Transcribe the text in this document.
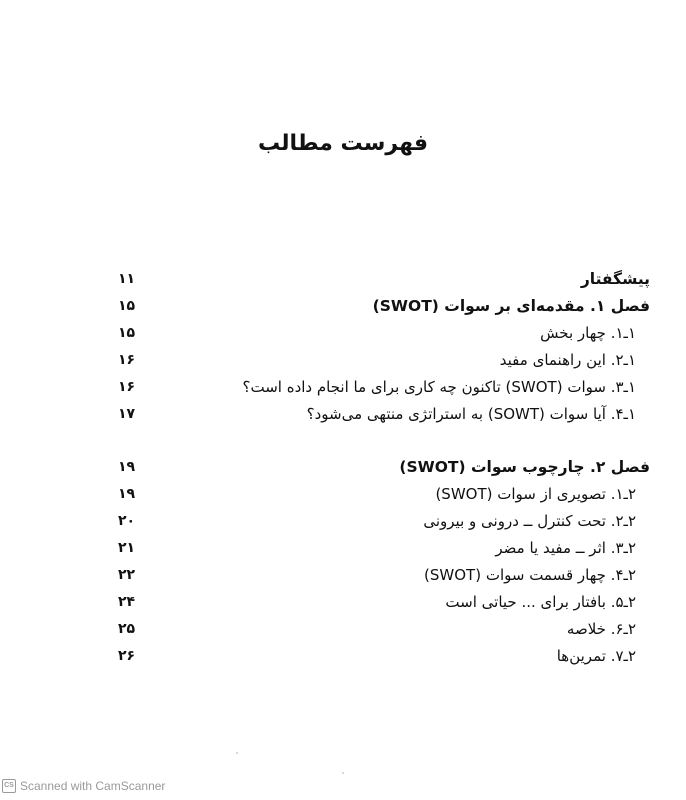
فهرست مطالب
پیشگفتار
۱۱
فصل ۱. مقدمه‌ای بر سوات (SWOT)
۱۵
۱ـ۱. چهار بخش
۱۵
۱ـ۲. این راهنمای مفید
۱۶
۱ـ۳. سوات (SWOT) تاکنون چه کاری برای ما انجام داده است؟
۱۶
۱ـ۴. آیا سوات (SOWT) به استراتژی منتهی می‌شود؟
۱۷
فصل ۲. چارچوب سوات (SWOT)
۱۹
۲ـ۱. تصویری از سوات (SWOT)
۱۹
۲ـ۲. تحت کنترل ــ درونی و بیرونی
۲۰
۲ـ۳. اثر ــ مفید یا مضر
۲۱
۲ـ۴. چهار قسمت سوات (SWOT)
۲۲
۲ـ۵. بافتار برای ... حیاتی است
۲۴
۲ـ۶. خلاصه
۲۵
۲ـ۷. تمرین‌ها
۲۶
CS Scanned with CamScanner
